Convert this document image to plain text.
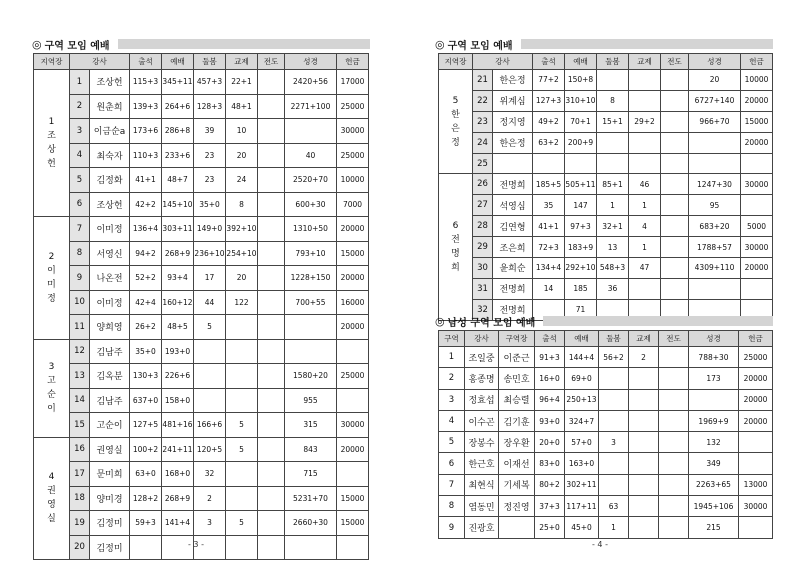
◎ 구역 모임 예배
지역장	강사		출석	예배	둘봄	교제	전도	성경	헌금
1
조
상
헌	1	조상헌	115+3	345+11	457+3	22+1		2420+56	17000
	2	원춘희	139+3	264+6	128+3	48+1		2271+100	25000
	3	이금순a	173+6	286+8	39	10			30000
	4	최숙자	110+3	233+6	23	20		40	25000
	5	김정화	41+1	48+7	23	24		2520+70	10000
	6	조상헌	42+2	145+10	35+0	8		600+30	7000
2
이
미
정	7	이미정	136+4	303+11	149+0	392+10		1310+50	20000
	8	서영신	94+2	268+9	236+10	254+10		793+10	15000
	9	나온전	52+2	93+4	17	20		1228+150	20000
	10	이미정	42+4	160+12	44	122		700+55	16000
	11	양희영	26+2	48+5	5				20000
3
고
순
이	12	김남주	35+0	193+0					
	13	김옥분	130+3	226+6				1580+20	25000
	14	김남주	637+0	158+0				955	
	15	고순이	127+5	481+16	166+6	5		315	30000
4
권
영
실	16	권영실	100+2	241+11	120+5	5		843	20000
	17	문미희	63+0	168+0	32			715	
	18	양미경	128+2	268+9	2			5231+70	15000
	19	김정미	59+3	141+4	3	5		2660+30	15000
	20	김정미								- 3 -
◎ 구역 모임 예배
지역장	강사		출석	예배	둘봄	교제	전도	성경	헌금
5
한
은
정	21	한은정	77+2	150+8				20	10000
	22	위계심	127+3	310+10	8			6727+140	20000
	23	정지영	49+2	70+1	15+1	29+2		966+70	15000
	24	한은정	63+2	200+9					20000
	25								
6
전
명
희	26	전명희	185+5	505+11	85+1	46		1247+30	30000
	27	석영심	35	147	1	1		95	
	28	김연형	41+1	97+3	32+1	4		683+20	5000
	29	조은희	72+3	183+9	13	1		1788+57	30000
	30	윤희순	134+4	292+10	548+3	47		4309+110	20000
	31	전명희	14	185	36				
	32	전명희		71					
◎ 남성 구역 모임 예배
구역	강사	구역장	출석	예배	둘봄	교제	전도	성경	헌금
1	조일중	이준근	91+3	144+4	56+2	2		788+30	25000
2	홍종명	송민호	16+0	69+0				173	20000
3	정효섭	최승렬	96+4	250+13					20000
4	이수곤	김기훈	93+0	324+7				1969+9	20000
5	장봉수	장우환	20+0	57+0	3			132	
6	한근호	이재선	83+0	163+0				349	
7	최현식	기세복	80+2	302+11				2263+65	13000
8	염동민	정진영	37+3	117+11	63			1945+106	30000
9	진광호		25+0	45+0	1			215	
- 4 -
